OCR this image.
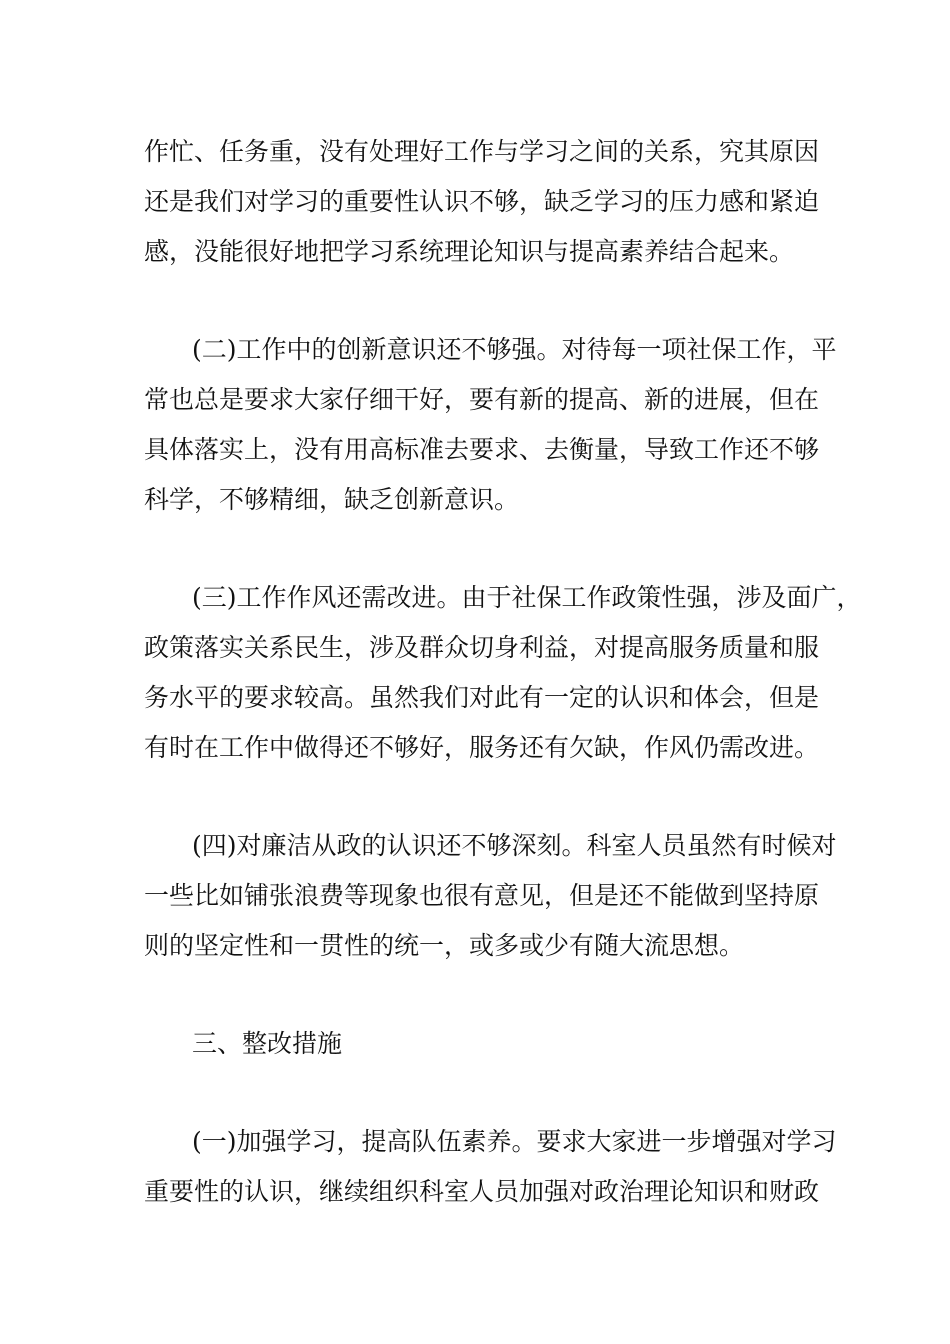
作忙、任务重，没有处理好工作与学习之间的关系，究其原因
还是我们对学习的重要性认识不够，缺乏学习的压力感和紧迫
感，没能很好地把学习系统理论知识与提高素养结合起来。
(二)工作中的创新意识还不够强。对待每一项社保工作，平
常也总是要求大家仔细干好，要有新的提高、新的进展，但在
具体落实上，没有用高标准去要求、去衡量，导致工作还不够
科学，不够精细，缺乏创新意识。
(三)工作作风还需改进。由于社保工作政策性强，涉及面广，
政策落实关系民生，涉及群众切身利益，对提高服务质量和服
务水平的要求较高。虽然我们对此有一定的认识和体会，但是
有时在工作中做得还不够好，服务还有欠缺，作风仍需改进。
(四)对廉洁从政的认识还不够深刻。科室人员虽然有时候对
一些比如铺张浪费等现象也很有意见，但是还不能做到坚持原
则的坚定性和一贯性的统一，或多或少有随大流思想。
三、整改措施
(一)加强学习，提高队伍素养。要求大家进一步增强对学习
重要性的认识，继续组织科室人员加强对政治理论知识和财政
